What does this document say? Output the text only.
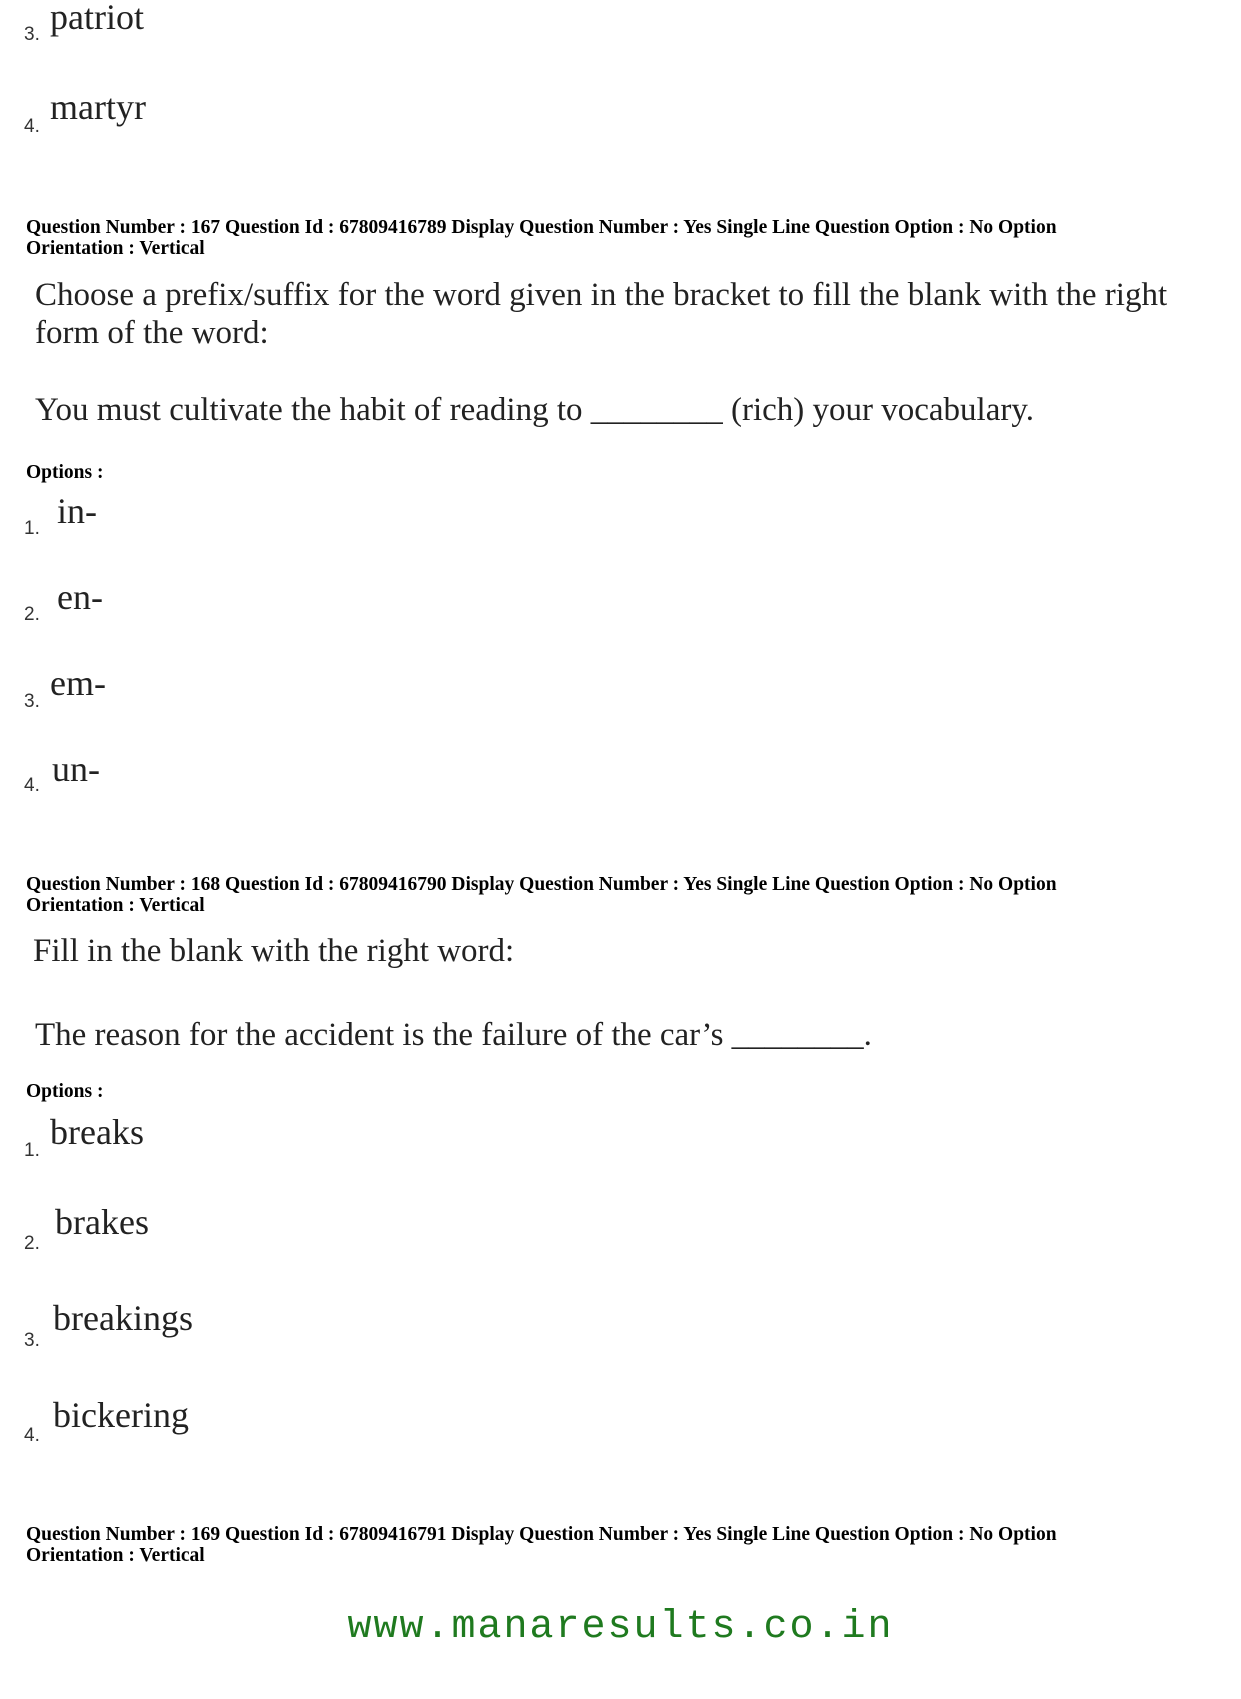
3. patriot
4. martyr
Question Number : 167 Question Id : 67809416789 Display Question Number : Yes Single Line Question Option : No Option
Orientation : Vertical
Choose a prefix/suffix for the word given in the bracket to fill the blank with the right
form of the word:
You must cultivate the habit of reading to ________ (rich) your vocabulary.
Options :
1. in-
2. en-
3. em-
4. un-
Question Number : 168 Question Id : 67809416790 Display Question Number : Yes Single Line Question Option : No Option
Orientation : Vertical
Fill in the blank with the right word:
The reason for the accident is the failure of the car’s ________.
Options :
1. breaks
2.
brakes
3.
breakings
4.
bickering
Question Number : 169 Question Id : 67809416791 Display Question Number : Yes Single Line Question Option : No Option
Orientation : Vertical
www.manaresults.co.in
